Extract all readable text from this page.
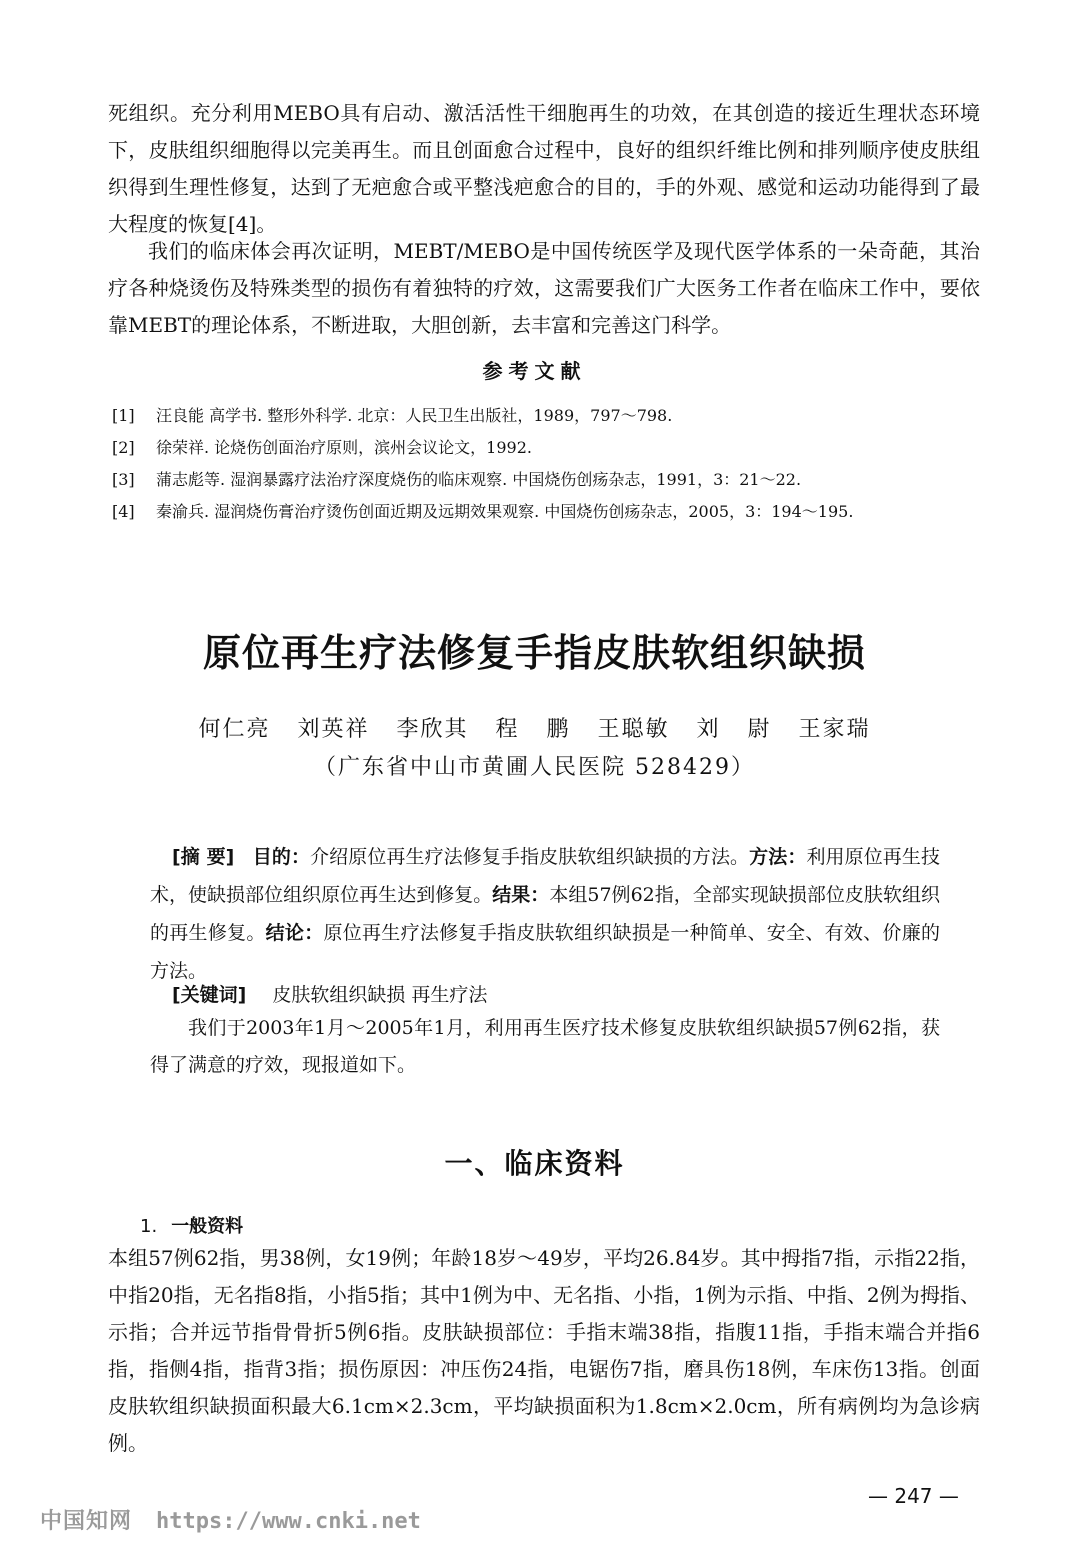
死组织。充分利用MEBO具有启动、激活活性干细胞再生的功效，在其创造的接近生理状态环境下，皮肤组织细胞得以完美再生。而且创面愈合过程中，良好的组织纤维比例和排列顺序使皮肤组织得到生理性修复，达到了无疤愈合或平整浅疤愈合的目的，手的外观、感觉和运动功能得到了最大程度的恢复[4]。

我们的临床体会再次证明，MEBT/MEBO是中国传统医学及现代医学体系的一朵奇葩，其治疗各种烧烫伤及特殊类型的损伤有着独特的疗效，这需要我们广大医务工作者在临床工作中，要依靠MEBT的理论体系，不断进取，大胆创新，去丰富和完善这门科学。

参考文献
[1] 汪良能 高学书. 整形外科学. 北京：人民卫生出版社，1989，797～798.
[2] 徐荣祥. 论烧伤创面治疗原则，滨州会议论文，1992.
[3] 蒲志彪等. 湿润暴露疗法治疗深度烧伤的临床观察. 中国烧伤创疡杂志，1991，3：21～22.
[4] 秦渝兵. 湿润烧伤膏治疗烫伤创面近期及远期效果观察. 中国烧伤创疡杂志，2005，3：194～195.
原位再生疗法修复手指皮肤软组织缺损
何仁亮 刘英祥 李欣其 程 鹏 王聪敏 刘 尉 王家瑞
（广东省中山市黄圃人民医院 528429）

[摘 要] 目的：介绍原位再生疗法修复手指皮肤软组织缺损的方法。方法：利用原位再生技术，使缺损部位组织原位再生达到修复。结果：本组57例62指，全部实现缺损部位皮肤软组织的再生修复。结论：原位再生疗法修复手指皮肤软组织缺损是一种简单、安全、有效、价廉的方法。

[关键词] 皮肤软组织缺损 再生疗法

我们于2003年1月～2005年1月，利用再生医疗技术修复皮肤软组织缺损57例62指，获得了满意的疗效，现报道如下。

一、临床资料
1. 一般资料

本组57例62指，男38例，女19例；年龄18岁～49岁，平均26.84岁。其中拇指7指，示指22指，中指20指，无名指8指，小指5指；其中1例为中、无名指、小指，1例为示指、中指、2例为拇指、示指；合并远节指骨骨折5例6指。皮肤缺损部位：手指末端38指，指腹11指，手指末端合并指6指，指侧4指，指背3指；损伤原因：冲压伤24指，电锯伤7指，磨具伤18例，车床伤13指。创面皮肤软组织缺损面积最大6.1cm×2.3cm，平均缺损面积为1.8cm×2.0cm，所有病例均为急诊病例。

— 247 —
中国知网 https://www.cnki.net
